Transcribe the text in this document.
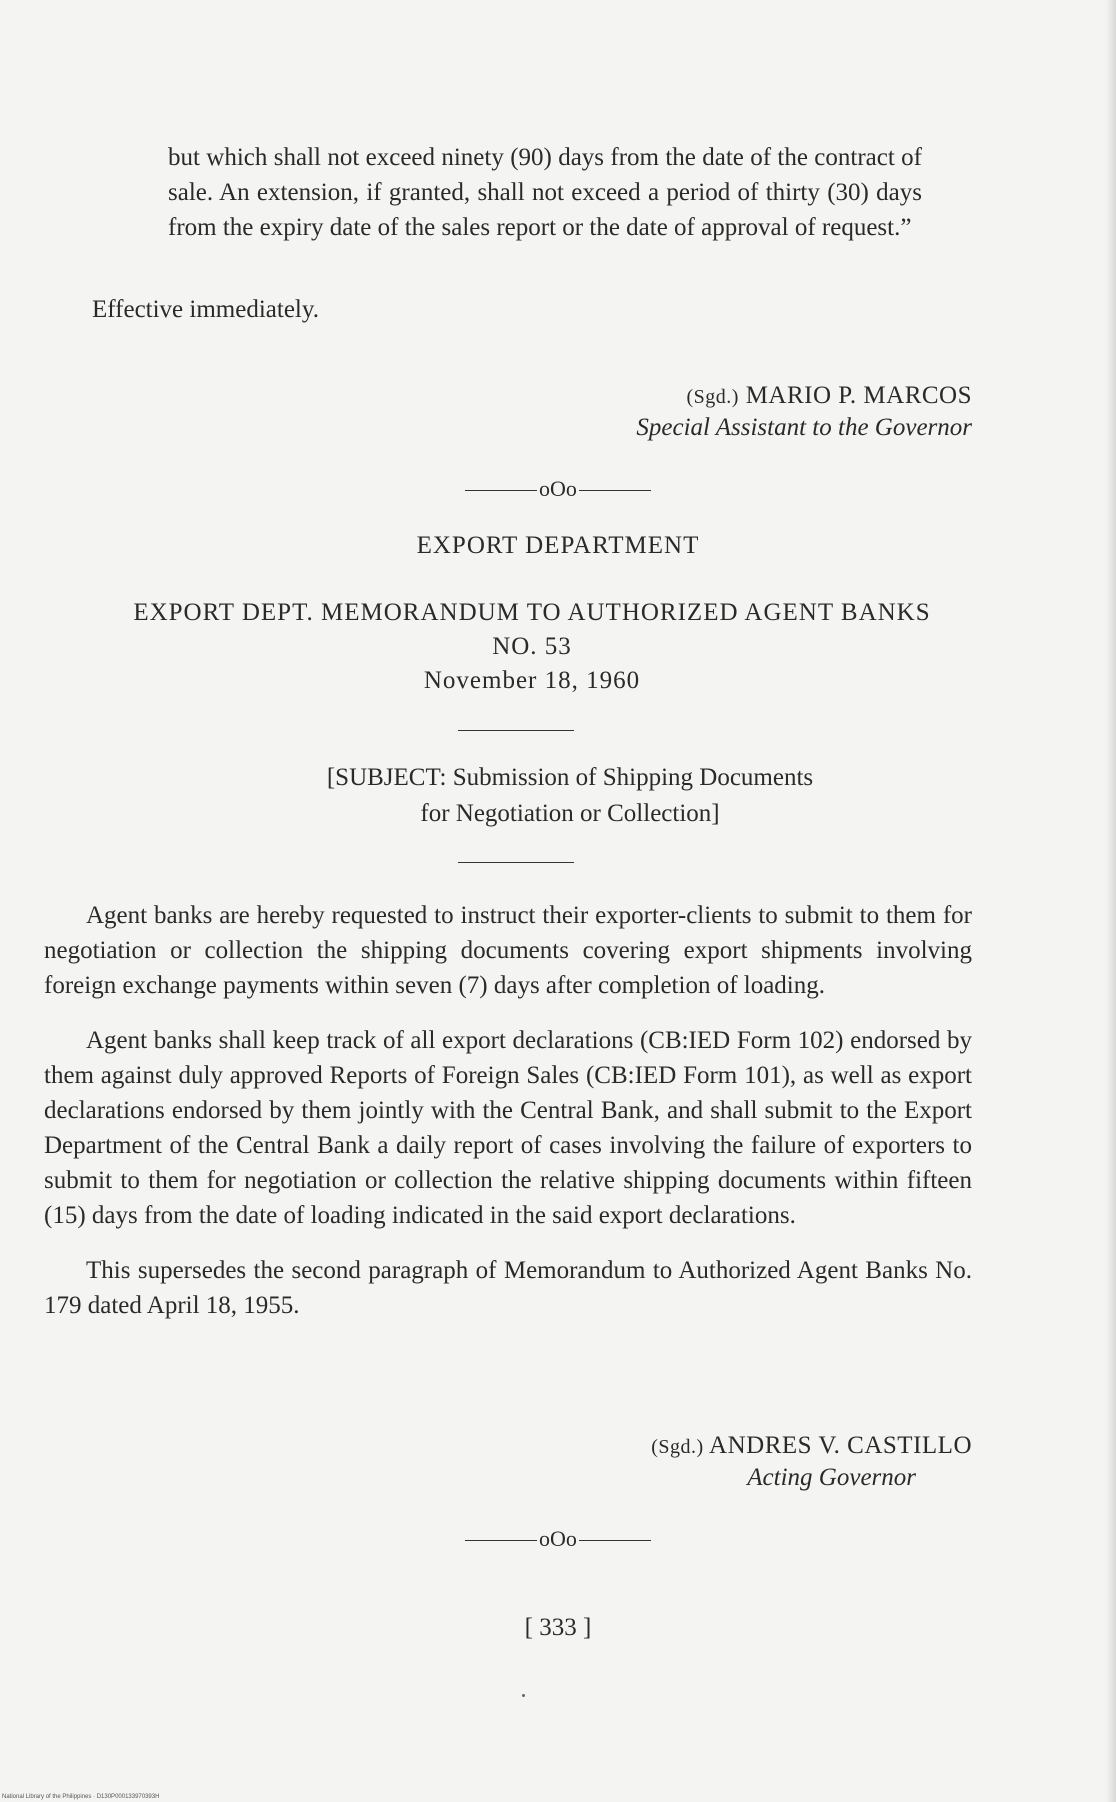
but which shall not exceed ninety (90) days from the date of the contract of sale. An extension, if granted, shall not exceed a period of thirty (30) days from the expiry date of the sales report or the date of approval of request.”

Effective immediately.
(Sgd.) MARIO P. MARCOS
Special Assistant to the Governor
oOo
EXPORT DEPARTMENT
EXPORT DEPT. MEMORANDUM TO AUTHORIZED AGENT BANKS
NO. 53
November 18, 1960
[SUBJECT: Submission of Shipping Documents
for Negotiation or Collection]

Agent banks are hereby requested to instruct their exporter-clients to submit to them for negotiation or collection the shipping documents covering export shipments involving foreign exchange payments within seven (7) days after completion of loading.

Agent banks shall keep track of all export declarations (CB:IED Form 102) endorsed by them against duly approved Reports of Foreign Sales (CB:IED Form 101), as well as export declarations endorsed by them jointly with the Central Bank, and shall submit to the Export Department of the Central Bank a daily report of cases involving the failure of exporters to submit to them for negotiation or collection the relative shipping documents within fifteen (15) days from the date of loading indicated in the said export declarations.

This supersedes the second paragraph of Memorandum to Authorized Agent Banks No. 179 dated April 18, 1955.

(Sgd.) ANDRES V. CASTILLO
Acting Governor
oOo
[ 333 ]
National Library of the Philippines · D130P000133970393H
